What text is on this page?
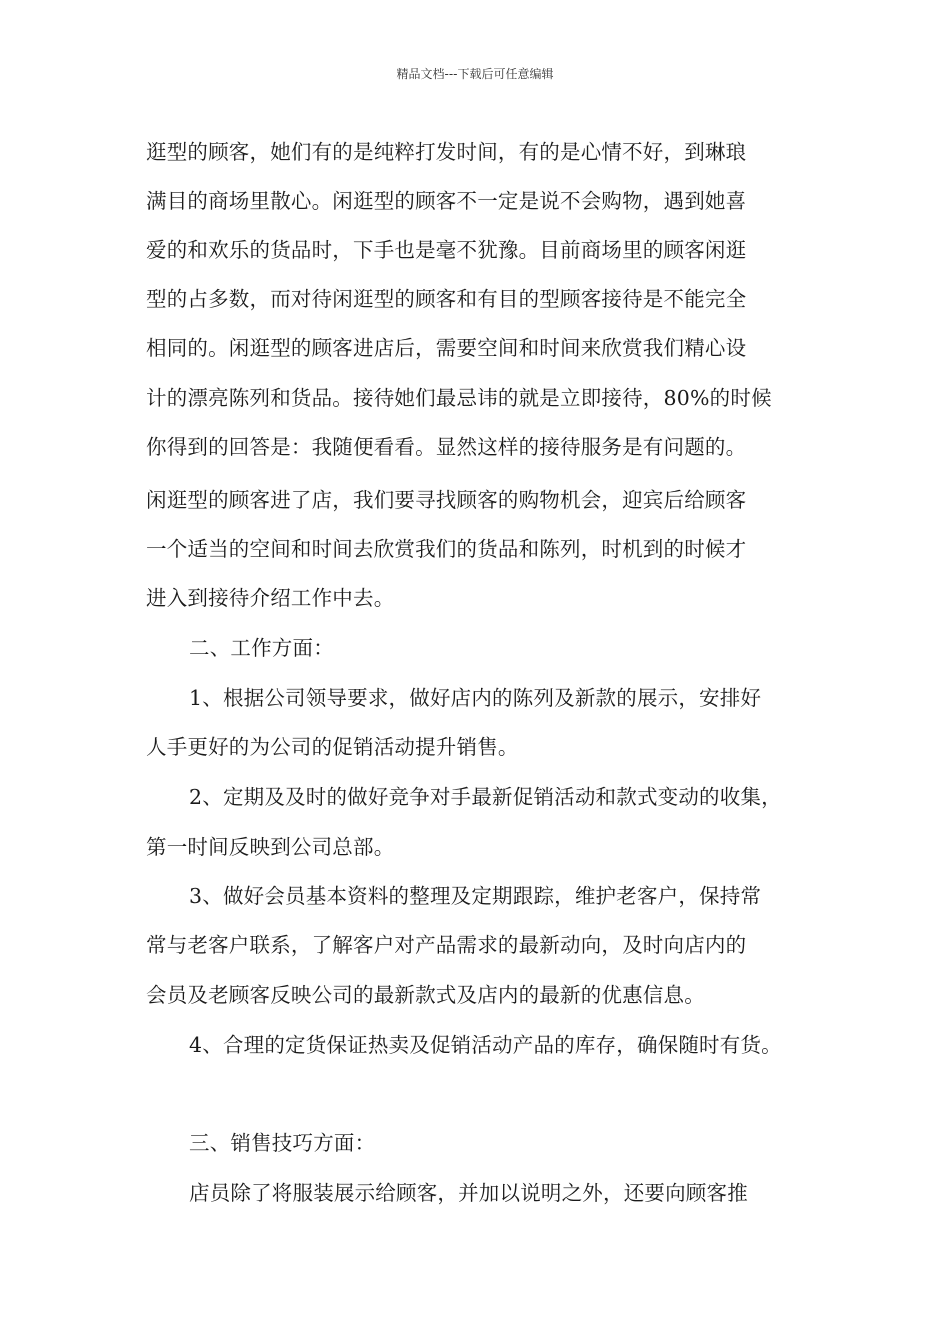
精品文档---下载后可任意编辑
逛型的顾客，她们有的是纯粹打发时间，有的是心情不好，到琳琅
满目的商场里散心。闲逛型的顾客不一定是说不会购物，遇到她喜
爱的和欢乐的货品时，下手也是毫不犹豫。目前商场里的顾客闲逛
型的占多数，而对待闲逛型的顾客和有目的型顾客接待是不能完全
相同的。闲逛型的顾客进店后，需要空间和时间来欣赏我们精心设
计的漂亮陈列和货品。接待她们最忌讳的就是立即接待，80%的时候
你得到的回答是：我随便看看。显然这样的接待服务是有问题的。
闲逛型的顾客进了店，我们要寻找顾客的购物机会，迎宾后给顾客
一个适当的空间和时间去欣赏我们的货品和陈列，时机到的时候才
进入到接待介绍工作中去。
二、工作方面：
1、根据公司领导要求，做好店内的陈列及新款的展示，安排好
人手更好的为公司的促销活动提升销售。
2、定期及及时的做好竞争对手最新促销活动和款式变动的收集，
第一时间反映到公司总部。
3、做好会员基本资料的整理及定期跟踪，维护老客户，保持常
常与老客户联系，了解客户对产品需求的最新动向，及时向店内的
会员及老顾客反映公司的最新款式及店内的最新的优惠信息。
4、合理的定货保证热卖及促销活动产品的库存，确保随时有货。
三、销售技巧方面：
店员除了将服装展示给顾客，并加以说明之外，还要向顾客推
